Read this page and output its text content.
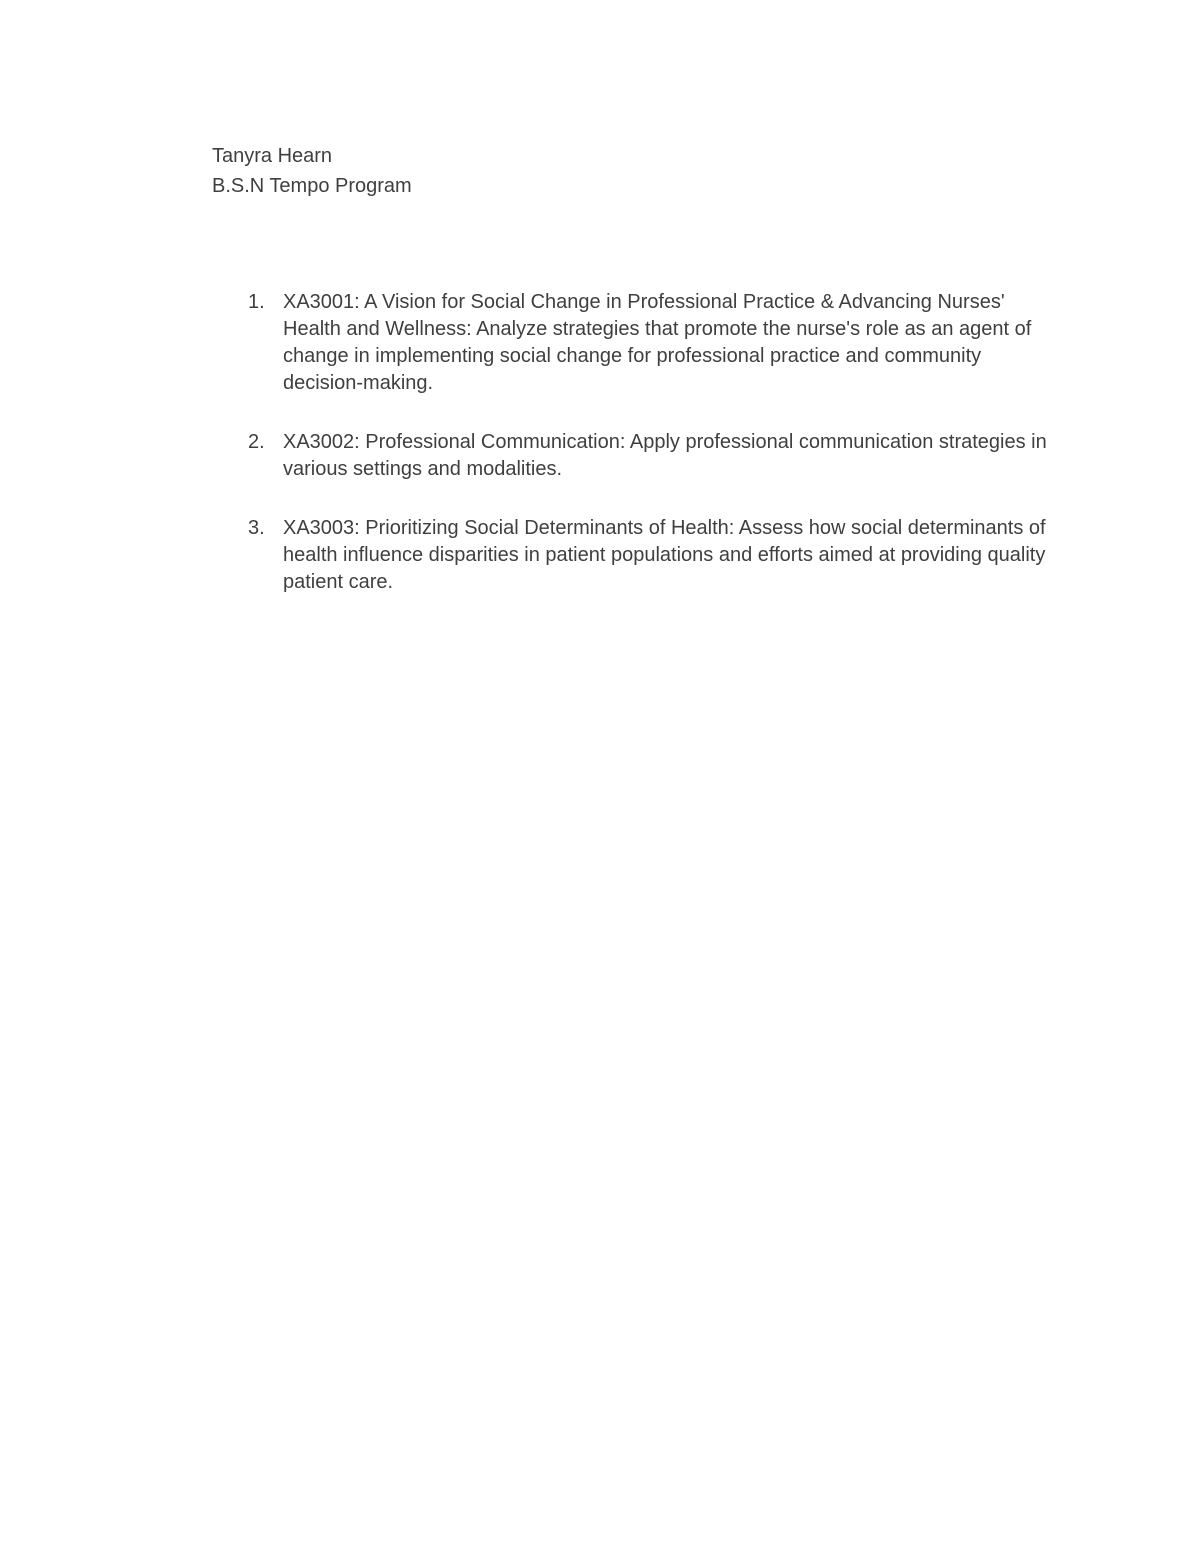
Tanyra Hearn
B.S.N Tempo Program
1. XA3001: A Vision for Social Change in Professional Practice & Advancing Nurses' Health and Wellness: Analyze strategies that promote the nurse's role as an agent of change in implementing social change for professional practice and community decision-making.
2. XA3002: Professional Communication: Apply professional communication strategies in various settings and modalities.
3. XA3003: Prioritizing Social Determinants of Health: Assess how social determinants of health influence disparities in patient populations and efforts aimed at providing quality patient care.
